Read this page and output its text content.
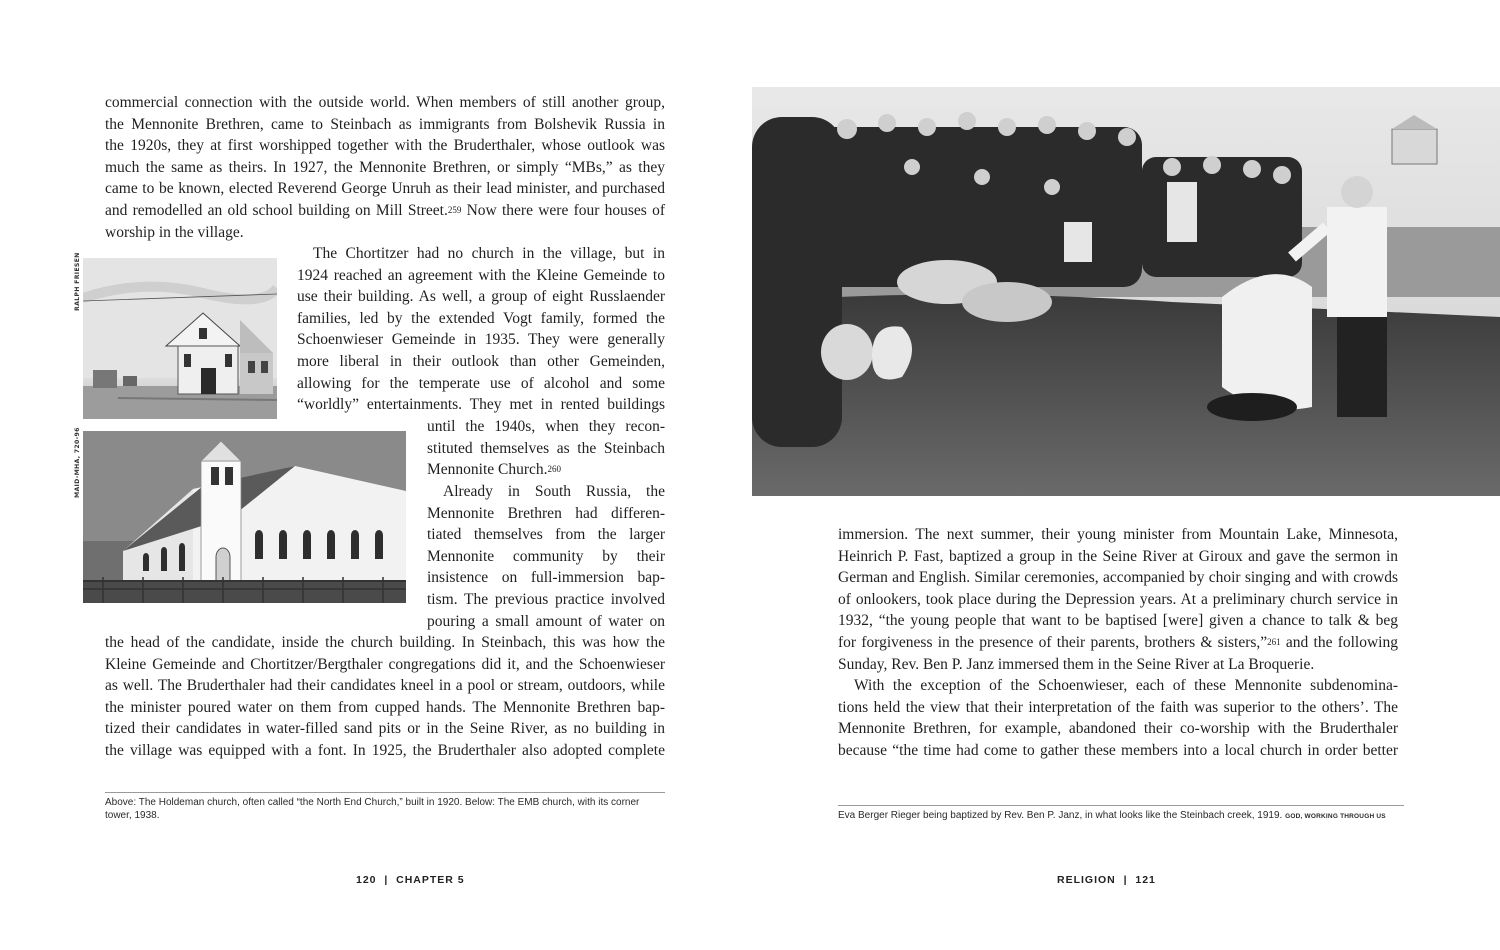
commercial connection with the outside world. When members of still another group,
the Mennonite Brethren, came to Steinbach as immigrants from Bolshevik Russia in
the 1920s, they at first worshipped together with the Bruderthaler, whose outlook was
much the same as theirs. In 1927, the Mennonite Brethren, or simply “MBs,” as they
came to be known, elected Reverend George Unruh as their lead minister, and purchased
and remodelled an old school building on Mill Street.$^{259}$ Now there were four houses of
worship in the village.

The Chortitzer had no church in the village, but in
1924 reached an agreement with the Kleine Gemeinde to
use their building. As well, a group of eight Russlaender
families, led by the extended Vogt family, formed the
Schoenwieser Gemeinde in 1935. They were generally
more liberal in their outlook than other Gemeinden,
allowing for the temperate use of alcohol and some
“worldly” entertainments. They met in rented buildings

until the 1940s, when they recon-
stituted themselves as the Steinbach
Mennonite Church.$^{260}$

Already in South Russia, the
Mennonite Brethren had differen-
tiated themselves from the larger
Mennonite community by their
insistence on full-immersion bap-
tism. The previous practice involved
pouring a small amount of water on

the head of the candidate, inside the church building. In Steinbach, this was how the
Kleine Gemeinde and Chortitzer/Bergthaler congregations did it, and the Schoenwieser
as well. The Bruderthaler had their candidates kneel in a pool or stream, outdoors, while
the minister poured water on them from cupped hands. The Mennonite Brethren bap-
tized their candidates in water-filled sand pits or in the Seine River, as no building in
the village was equipped with a font. In 1925, the Bruderthaler also adopted complete

RALPH FRIESEN
MAID-MHA, 720-96

Above: The Holdeman church, often called “the North End Church,” built in 1920. Below: The EMB church, with its corner tower, 1938.

120  |  CHAPTER 5

immersion. The next summer, their young minister from Mountain Lake, Minnesota,
Heinrich P. Fast, baptized a group in the Seine River at Giroux and gave the sermon in
German and English. Similar ceremonies, accompanied by choir singing and with crowds
of onlookers, took place during the Depression years. At a preliminary church service in
1932, “the young people that want to be baptised [were] given a chance to talk & beg
for forgiveness in the presence of their parents, brothers & sisters,”$^{261}$ and the following
Sunday, Rev. Ben P. Janz immersed them in the Seine River at La Broquerie.

With the exception of the Schoenwieser, each of these Mennonite subdenomina-
tions held the view that their interpretation of the faith was superior to the others’. The
Mennonite Brethren, for example, abandoned their co-worship with the Bruderthaler
because “the time had come to gather these members into a local church in order better

Eva Berger Rieger being baptized by Rev. Ben P. Janz, in what looks like the Steinbach creek, 1919. GOD, WORKING THROUGH US

RELIGION  |  121
